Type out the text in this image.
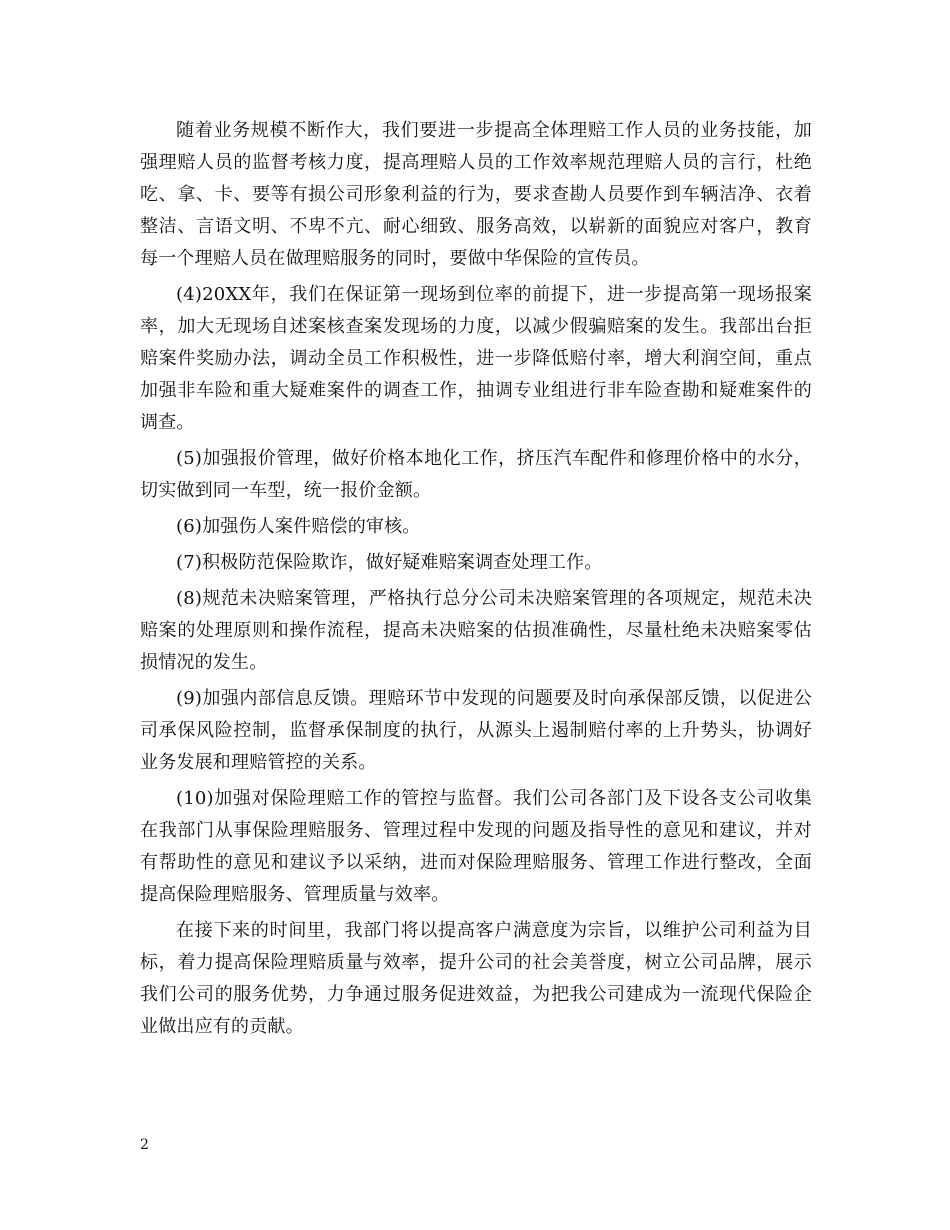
随着业务规模不断作大，我们要进一步提高全体理赔工作人员的业务技能，加强理赔人员的监督考核力度，提高理赔人员的工作效率规范理赔人员的言行，杜绝吃、拿、卡、要等有损公司形象利益的行为，要求查勘人员要作到车辆洁净、衣着整洁、言语文明、不卑不亢、耐心细致、服务高效，以崭新的面貌应对客户，教育每一个理赔人员在做理赔服务的同时，要做中华保险的宣传员。

(4)20XX年，我们在保证第一现场到位率的前提下，进一步提高第一现场报案率，加大无现场自述案核查案发现场的力度，以减少假骗赔案的发生。我部出台拒赔案件奖励办法，调动全员工作积极性，进一步降低赔付率，增大利润空间，重点加强非车险和重大疑难案件的调查工作，抽调专业组进行非车险查勘和疑难案件的调查。

(5)加强报价管理，做好价格本地化工作，挤压汽车配件和修理价格中的水分，切实做到同一车型，统一报价金额。

(6)加强伤人案件赔偿的审核。

(7)积极防范保险欺诈，做好疑难赔案调查处理工作。

(8)规范未决赔案管理，严格执行总分公司未决赔案管理的各项规定，规范未决赔案的处理原则和操作流程，提高未决赔案的估损准确性，尽量杜绝未决赔案零估损情况的发生。

(9)加强内部信息反馈。理赔环节中发现的问题要及时向承保部反馈，以促进公司承保风险控制，监督承保制度的执行，从源头上遏制赔付率的上升势头，协调好业务发展和理赔管控的关系。

(10)加强对保险理赔工作的管控与监督。我们公司各部门及下设各支公司收集在我部门从事保险理赔服务、管理过程中发现的问题及指导性的意见和建议，并对有帮助性的意见和建议予以采纳，进而对保险理赔服务、管理工作进行整改，全面提高保险理赔服务、管理质量与效率。

在接下来的时间里，我部门将以提高客户满意度为宗旨，以维护公司利益为目标，着力提高保险理赔质量与效率，提升公司的社会美誉度，树立公司品牌，展示我们公司的服务优势，力争通过服务促进效益，为把我公司建成为一流现代保险企业做出应有的贡献。

2
